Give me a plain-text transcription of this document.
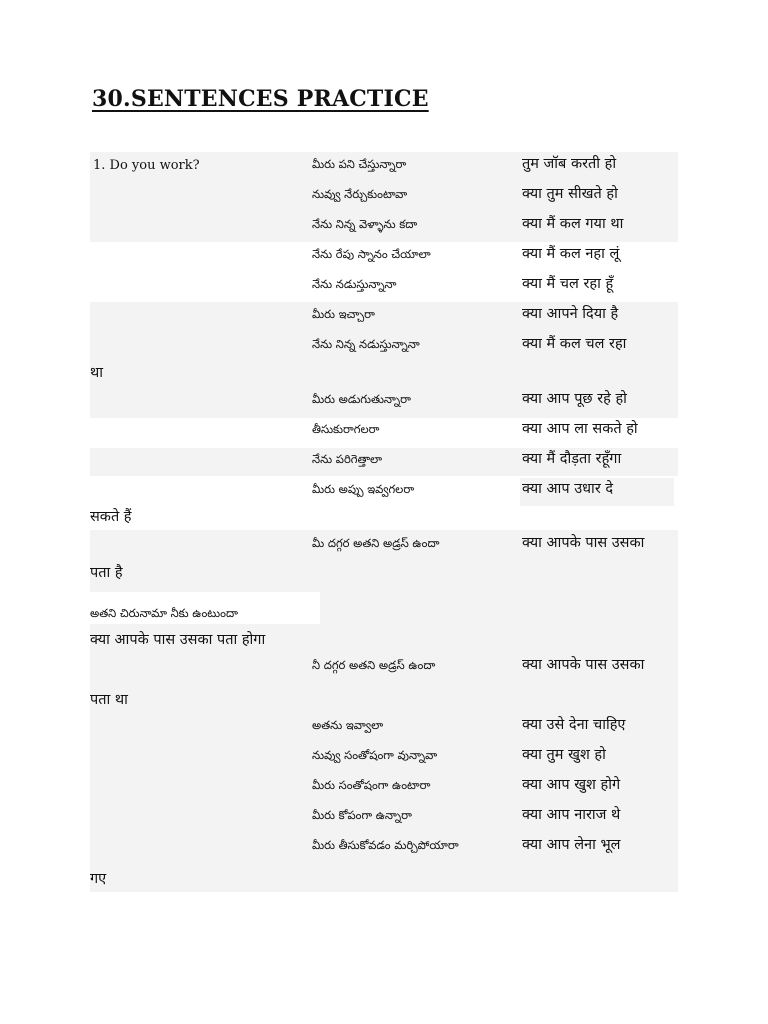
30.SENTENCES PRACTICE
1. Do you work?	మీరు పని చేస్తున్నారా	तुम जॉब करती हो
నువ్వు నేర్చుకుంటావా	क्या तुम सीखते हो
నేను నిన్న వెళ్ళాను కదా	क्या मैं कल गया था
నేను రేపు స్నానం చేయాలా	क्या मैं कल नहा लूं
నేను నడుస్తున్నానా	क्या मैं चल रहा हूँ
మీరు ఇచ్చారా	क्या आपने दिया है
నేను నిన్న నడుస్తున్నానా	क्या मैं कल चल रहा
था
మీరు అడుగుతున్నారా	क्या आप पूछ रहे हो
తీసుకురాగలరా	क्या आप ला सकते हो
నేను పరిగెత్తాలా	क्या मैं दौड़ता रहूँगा
మీరు అప్పు ఇవ్వగలరా	क्या आप उधार दे
सकते हैं
మీ దగ్గర అతని అడ్రస్ ఉందా	क्या आपके पास उसका
पता है
అతని చిరునామా నీకు ఉంటుందా
क्या आपके पास उसका पता होगा
నీ దగ్గర అతని అడ్రస్ ఉందా	क्या आपके पास उसका
पता था
అతను ఇవ్వాలా	क्या उसे देना चाहिए
నువ్వు సంతోషంగా వున్నావా	क्या तुम खुश हो
మీరు సంతోషంగా ఉంటారా	क्या आप खुश होगे
మీరు కోపంగా ఉన్నారా	क्या आप नाराज थे
మీరు తీసుకోవడం మర్చిపోయారా	क्या आप लेना भूल
गए
